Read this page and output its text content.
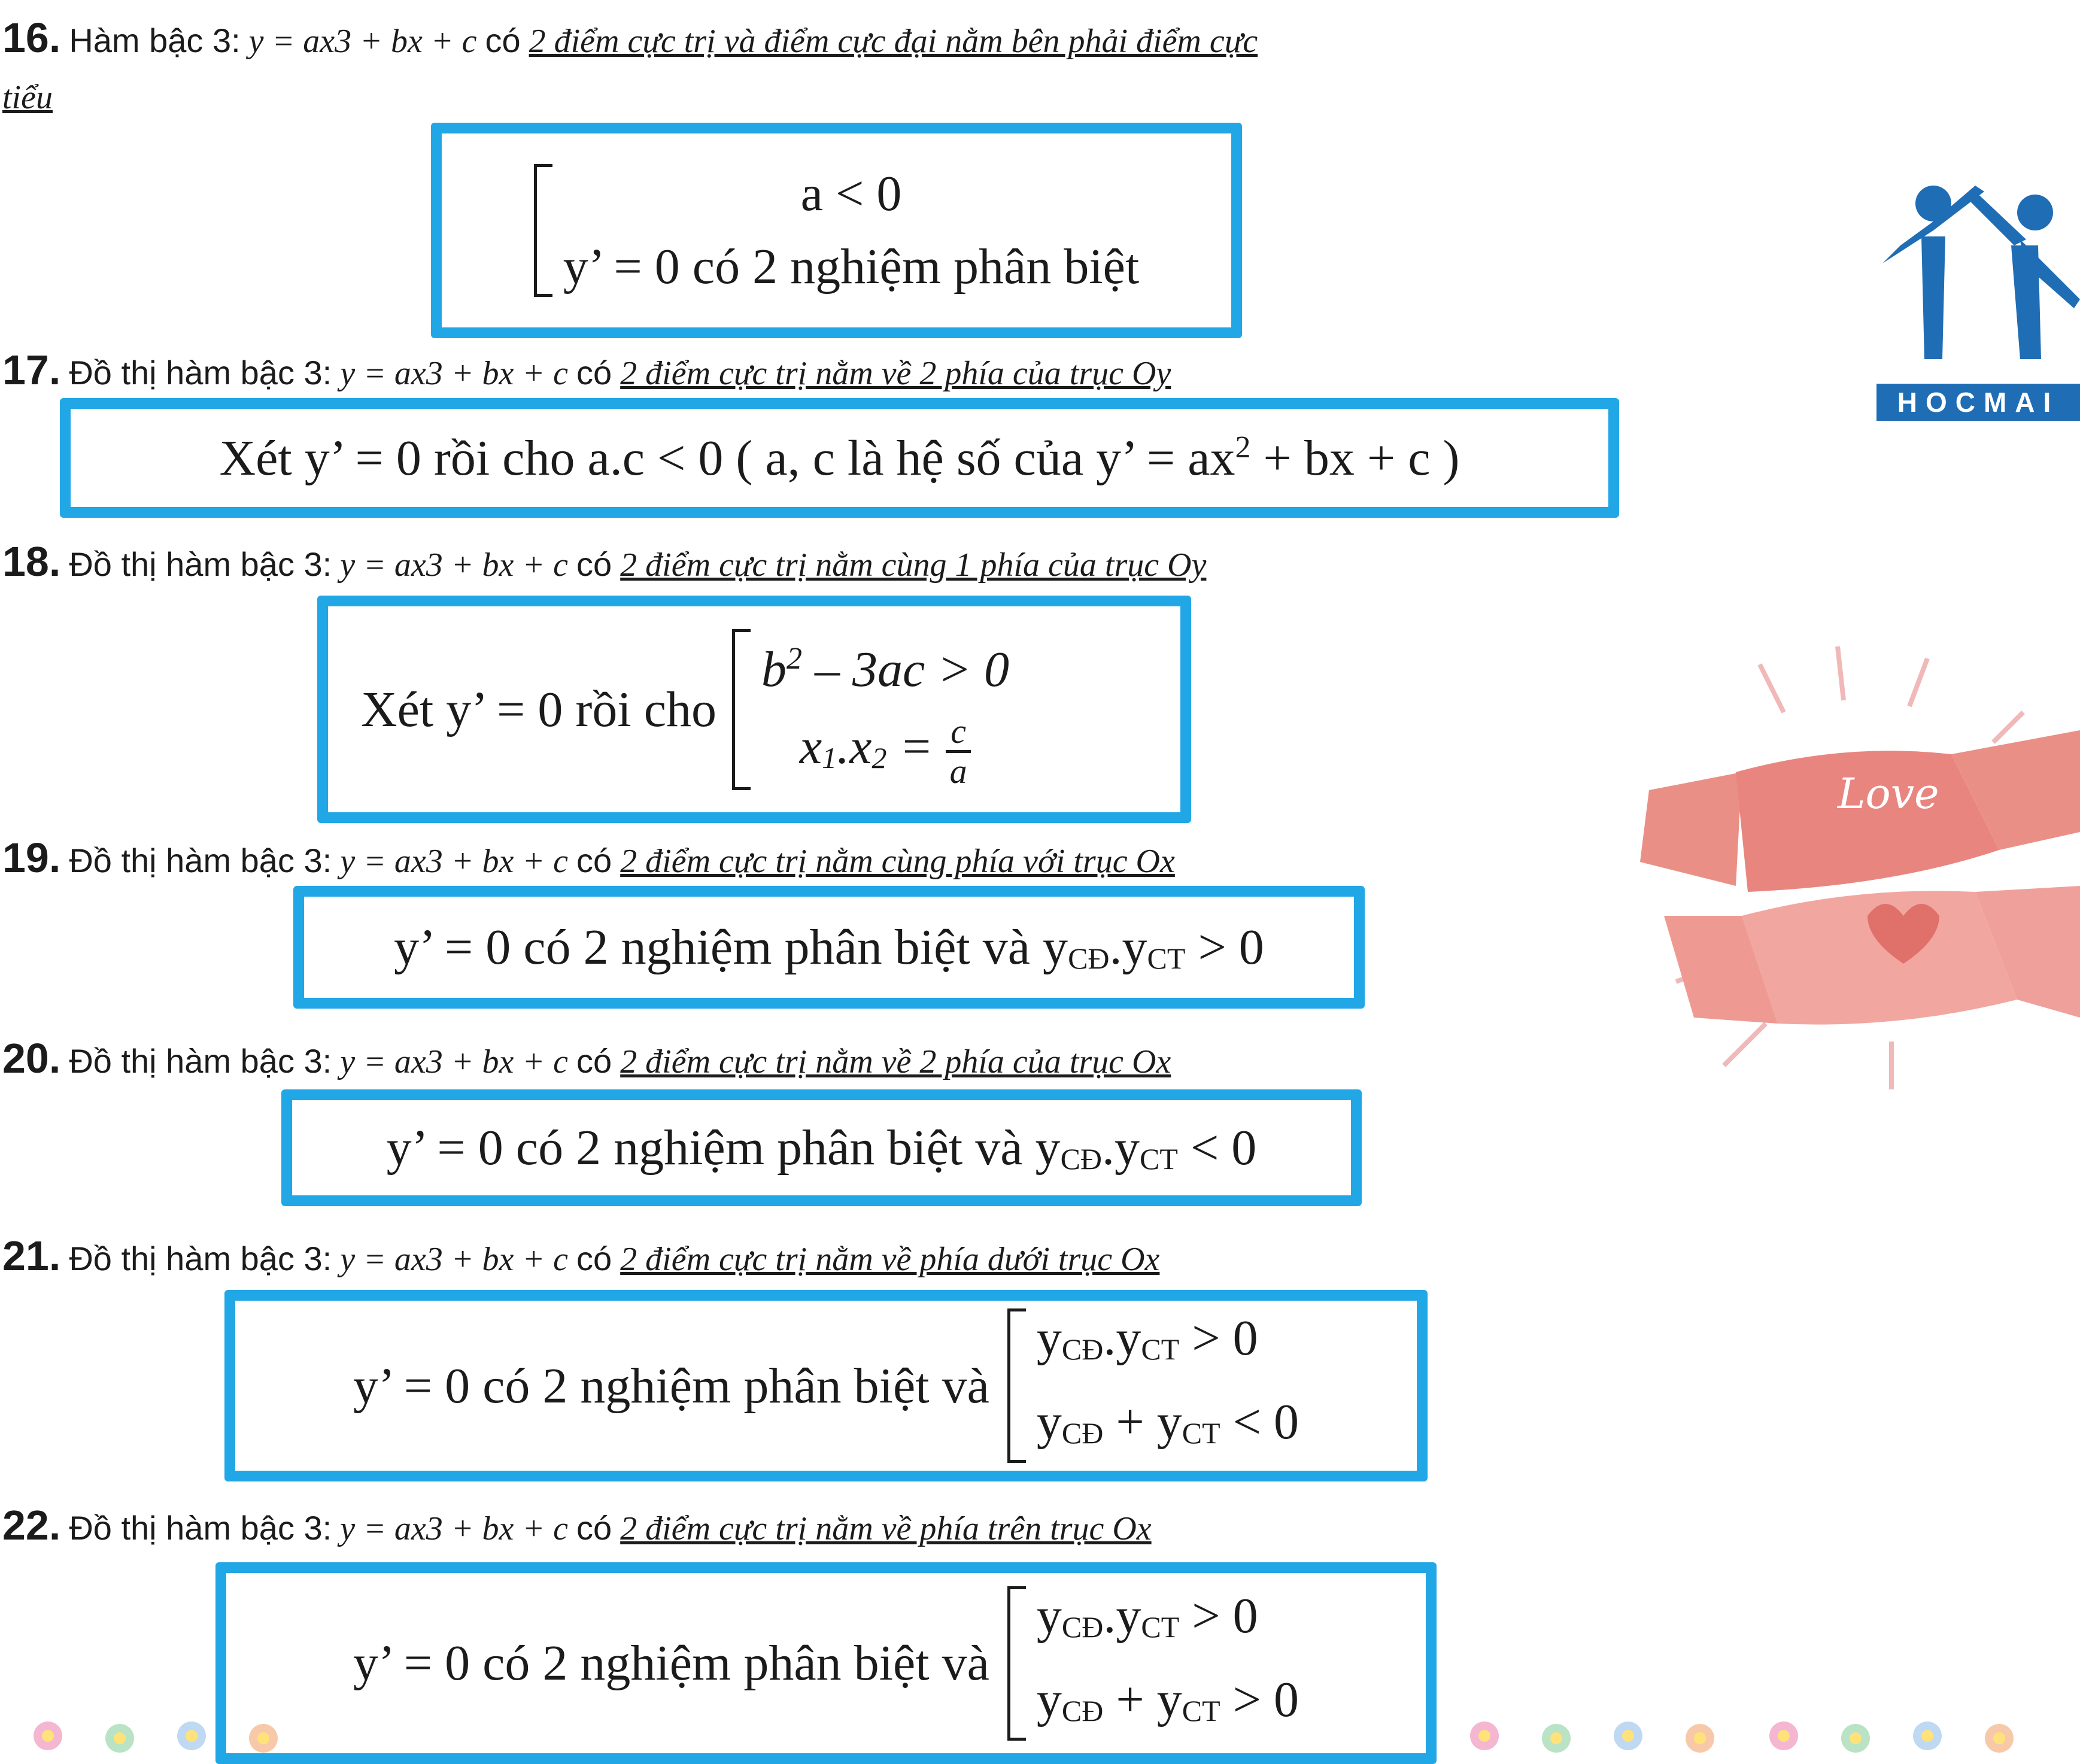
16. Hàm bậc 3: y = ax3 + bx + c có 2 điểm cực trị và điểm cực đại nằm bên phải điểm cực
tiểu
a < 0
y’ = 0 có 2 nghiệm phân biệt
17. Đồ thị hàm bậc 3: y = ax3 + bx + c có 2 điểm cực trị nằm về 2 phía của trục Oy
Xét y’ = 0 rồi cho a.c < 0 ( a, c là hệ số của y’ = $ax^2$ + bx + c )
18. Đồ thị hàm bậc 3: y = ax3 + bx + c có 2 điểm cực trị nằm cùng 1 phía của trục Oy
Xét y’ = 0 rồi cho
$b^2 - 3ac > 0$
$x_1.x_2 = c$
a
19. Đồ thị hàm bậc 3: y = ax3 + bx + c có 2 điểm cực trị nằm cùng phía với trục Ox
y’ = 0 có 2 nghiệm phân biệt và $y_{CĐ}.y_{CT} > 0$
20. Đồ thị hàm bậc 3: y = ax3 + bx + c có 2 điểm cực trị nằm về 2 phía của trục Ox
y’ = 0 có 2 nghiệm phân biệt và $y_{CĐ}.y_{CT} < 0$
21. Đồ thị hàm bậc 3: y = ax3 + bx + c có 2 điểm cực trị nằm về phía dưới trục Ox
y’ = 0 có 2 nghiệm phân biệt và
$y_{CĐ}.y_{CT} > 0$
$y_{CĐ} + y_{CT} < 0$
22. Đồ thị hàm bậc 3: y = ax3 + bx + c có 2 điểm cực trị nằm về phía trên trục Ox
y’ = 0 có 2 nghiệm phân biệt và
$y_{CĐ}.y_{CT} > 0$
$y_{CĐ} + y_{CT} > 0$
HOCMAI
Love
